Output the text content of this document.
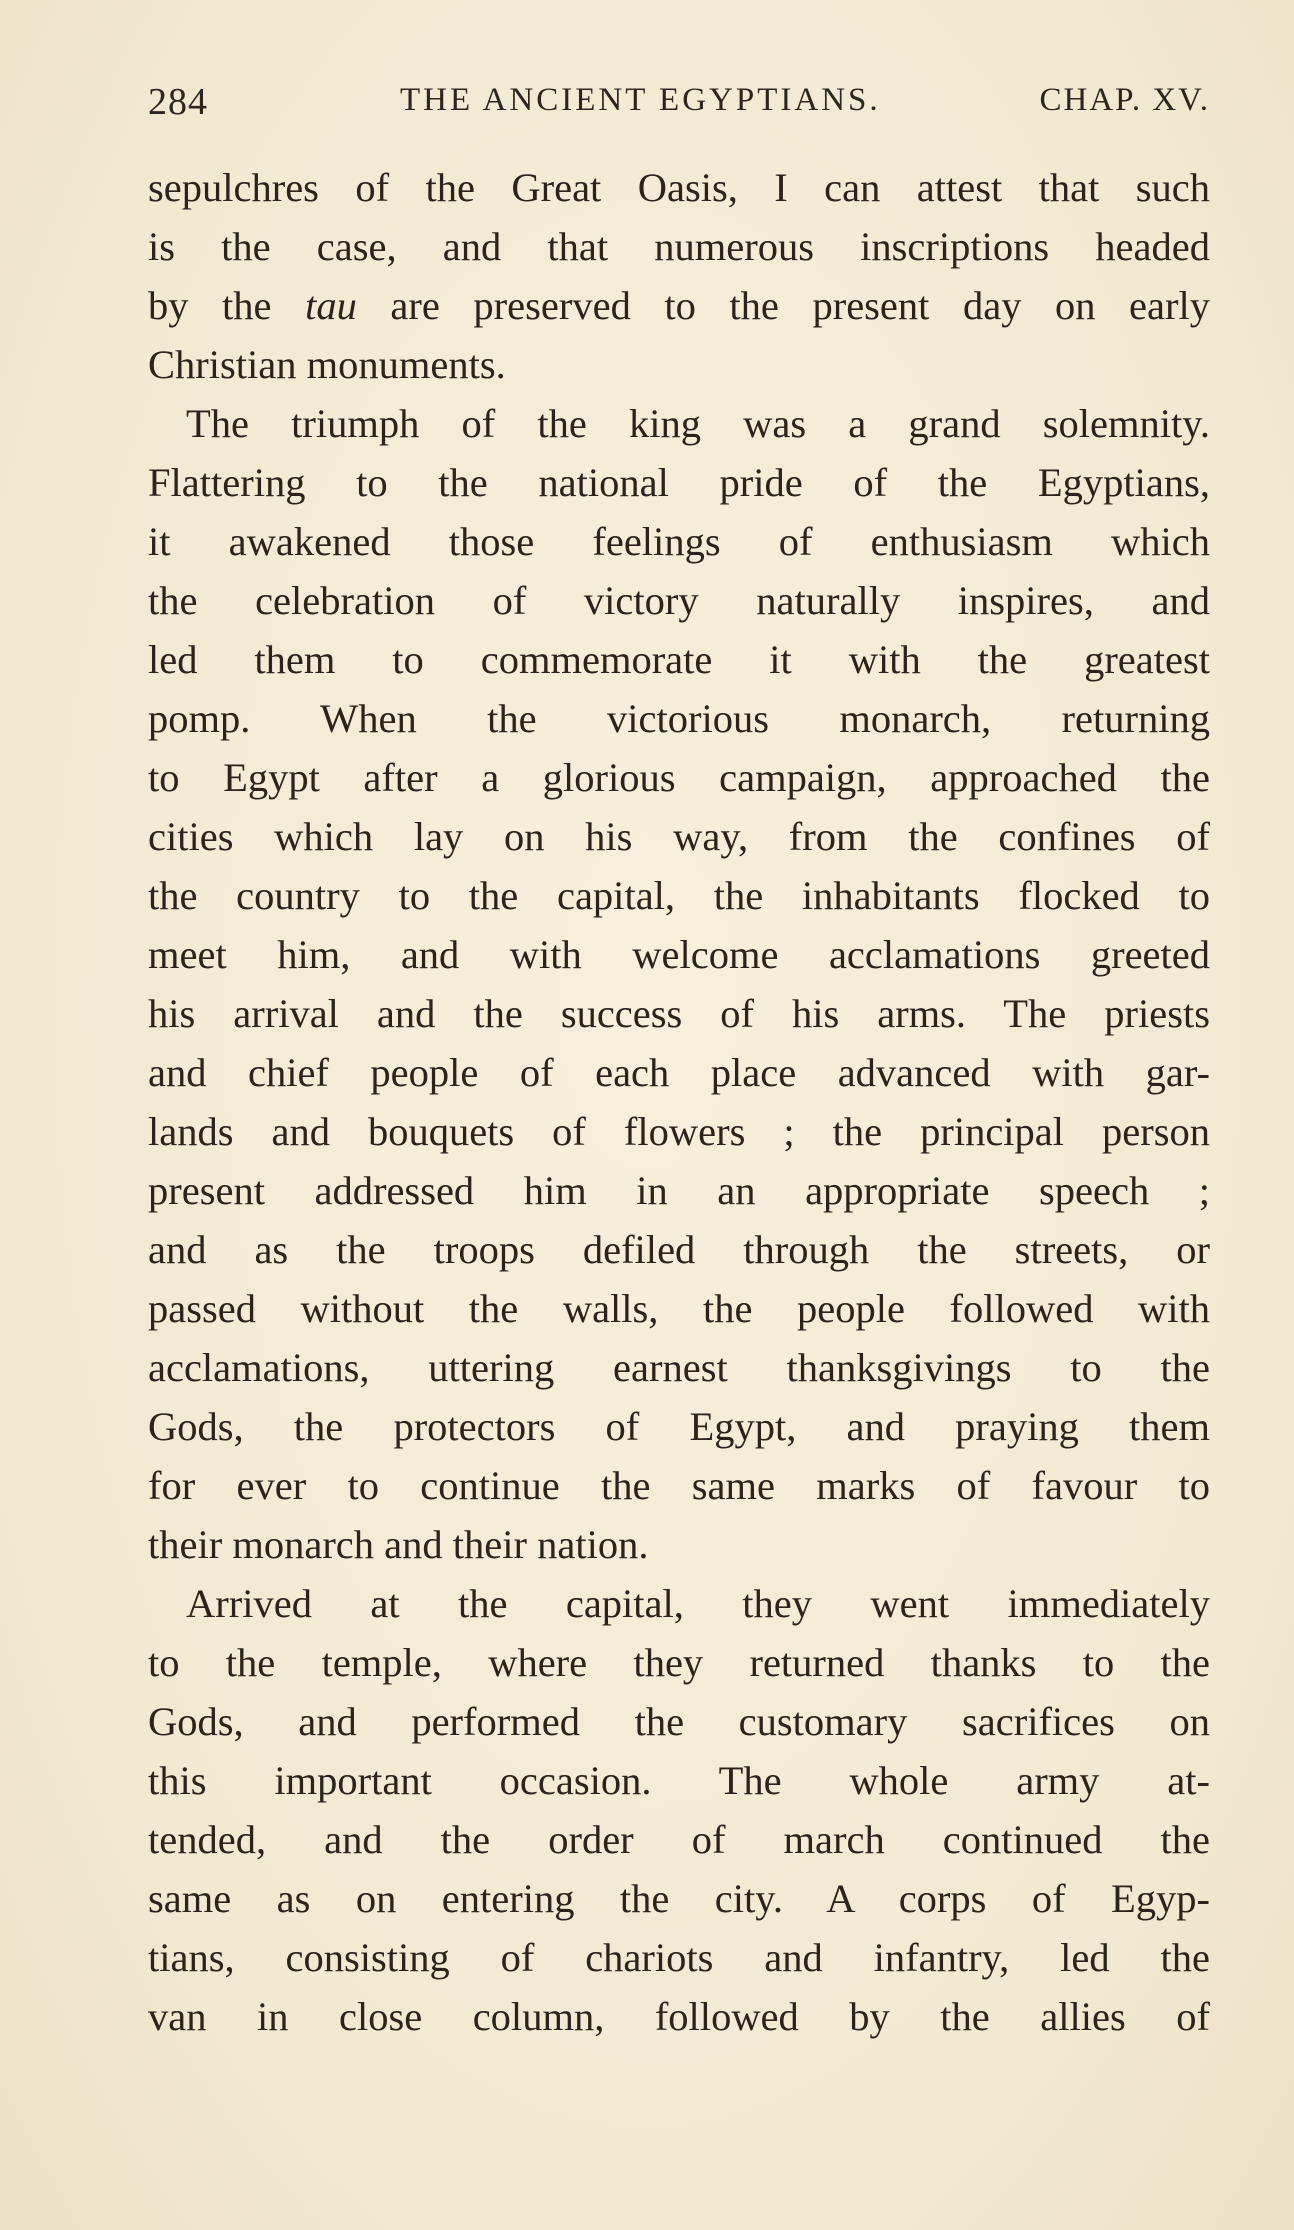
284	THE ANCIENT EGYPTIANS.	CHAP. XV.
sepulchres of the Great Oasis, I can attest that such
is the case, and that numerous inscriptions headed
by the tau are preserved to the present day on early
Christian monuments.
The triumph of the king was a grand solemnity.
Flattering to the national pride of the Egyptians,
it awakened those feelings of enthusiasm which
the celebration of victory naturally inspires, and
led them to commemorate it with the greatest
pomp. When the victorious monarch, returning
to Egypt after a glorious campaign, approached the
cities which lay on his way, from the confines of
the country to the capital, the inhabitants flocked to
meet him, and with welcome acclamations greeted
his arrival and the success of his arms. The priests
and chief people of each place advanced with gar-
lands and bouquets of flowers ; the principal person
present addressed him in an appropriate speech ;
and as the troops defiled through the streets, or
passed without the walls, the people followed with
acclamations, uttering earnest thanksgivings to the
Gods, the protectors of Egypt, and praying them
for ever to continue the same marks of favour to
their monarch and their nation.
Arrived at the capital, they went immediately
to the temple, where they returned thanks to the
Gods, and performed the customary sacrifices on
this important occasion. The whole army at-
tended, and the order of march continued the
same as on entering the city. A corps of Egyp-
tians, consisting of chariots and infantry, led the
van in close column, followed by the allies of
